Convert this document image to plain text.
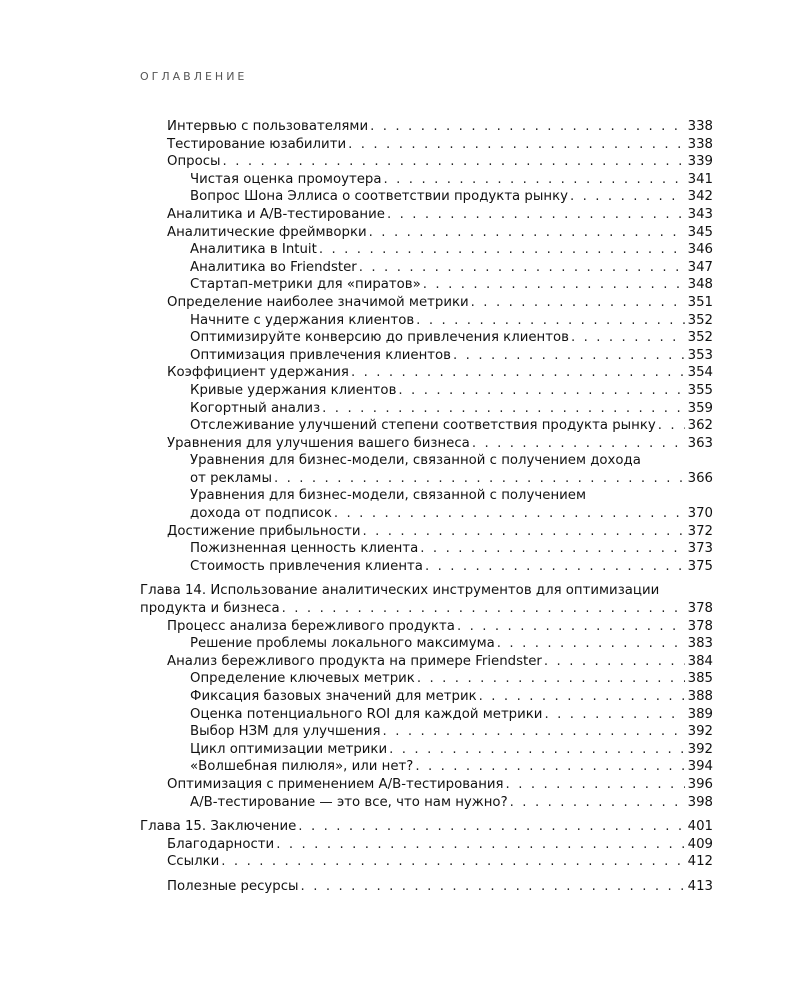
ОГЛАВЛЕНИЕ
Интервью с пользователями . . .	338
Тестирование юзабилити . . .	338
Опросы . . .	339
Чистая оценка промоутера . . .	341
Вопрос Шона Эллиса о соответствии продукта рынку . . .	342
Аналитика и A/B-тестирование . . .	343
Аналитические фреймворки . . .	345
Аналитика в Intuit . . .	346
Аналитика во Friendster . . .	347
Стартап-метрики для «пиратов» . . .	348
Определение наиболее значимой метрики . . .	351
Начните с удержания клиентов . . .	352
Оптимизируйте конверсию до привлечения клиентов . . .	352
Оптимизация привлечения клиентов . . .	353
Коэффициент удержания . . .	354
Кривые удержания клиентов . . .	355
Когортный анализ . . .	359
Отслеживание улучшений степени соответствия продукта рынку . . . 362
Уравнения для улучшения вашего бизнеса . . .	363
Уравнения для бизнес-модели, связанной с получением дохода
от рекламы . . .	366
Уравнения для бизнес-модели, связанной с получением
дохода от подписок . . .	370
Достижение прибыльности . . .	372
Пожизненная ценность клиента . . .	373
Стоимость привлечения клиента . . .	375
Глава 14. Использование аналитических инструментов для оптимизации
продукта и бизнеса . . .	378
Процесс анализа бережливого продукта . . .	378
Решение проблемы локального максимума . . .	383
Анализ бережливого продукта на примере Friendster . . .	384
Определение ключевых метрик . . .	385
Фиксация базовых значений для метрик . . .	388
Оценка потенциального ROI для каждой метрики . . .	389
Выбор НЗМ для улучшения . . .	392
Цикл оптимизации метрики . . .	392
«Волшебная пилюля», или нет? . . .	394
Оптимизация с применением A/B-тестирования . . .	396
A/B-тестирование — это все, что нам нужно? . . .	398
Глава 15. Заключение . . .	401
Благодарности . . .	409
Ссылки . . .	412
Полезные ресурсы . . .	413
